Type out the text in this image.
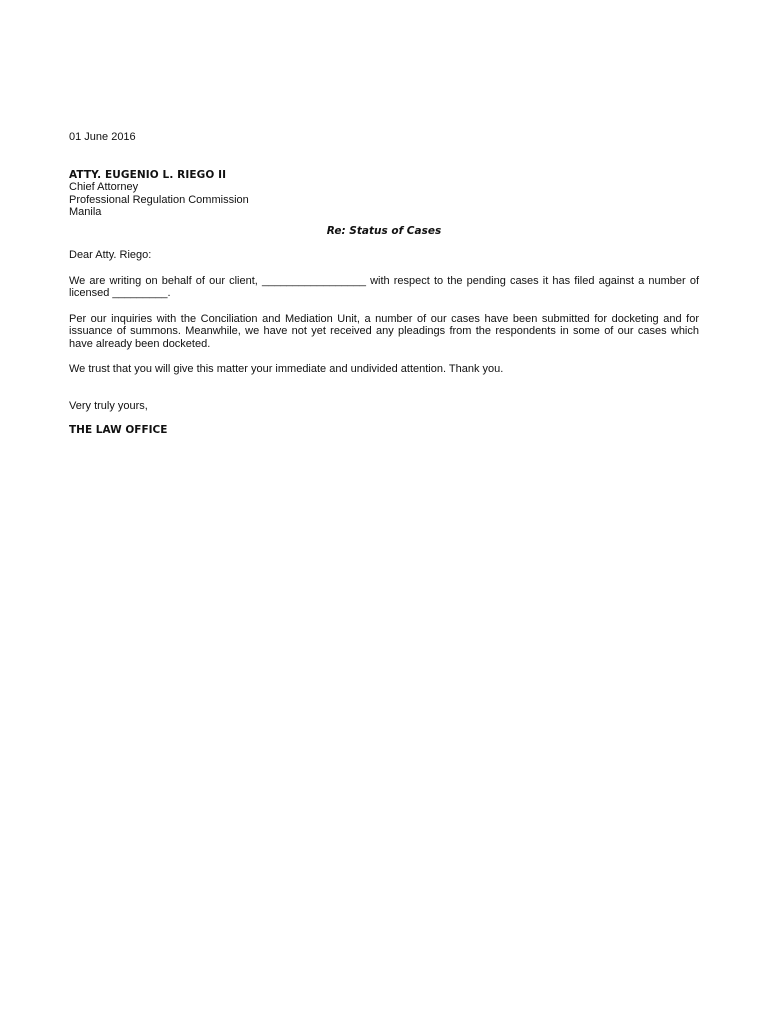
01 June 2016
ATTY. EUGENIO L. RIEGO II
Chief Attorney
Professional Regulation Commission
Manila
Re: Status of Cases
Dear Atty. Riego:
We are writing on behalf of our client, _________________ with respect to the pending cases it has filed against a number of licensed _________.
Per our inquiries with the Conciliation and Mediation Unit, a number of our cases have been submitted for docketing and for issuance of summons. Meanwhile, we have not yet received any pleadings from the respondents in some of our cases which have already been docketed.
We trust that you will give this matter your immediate and undivided attention. Thank you.
Very truly yours,
THE LAW OFFICE
